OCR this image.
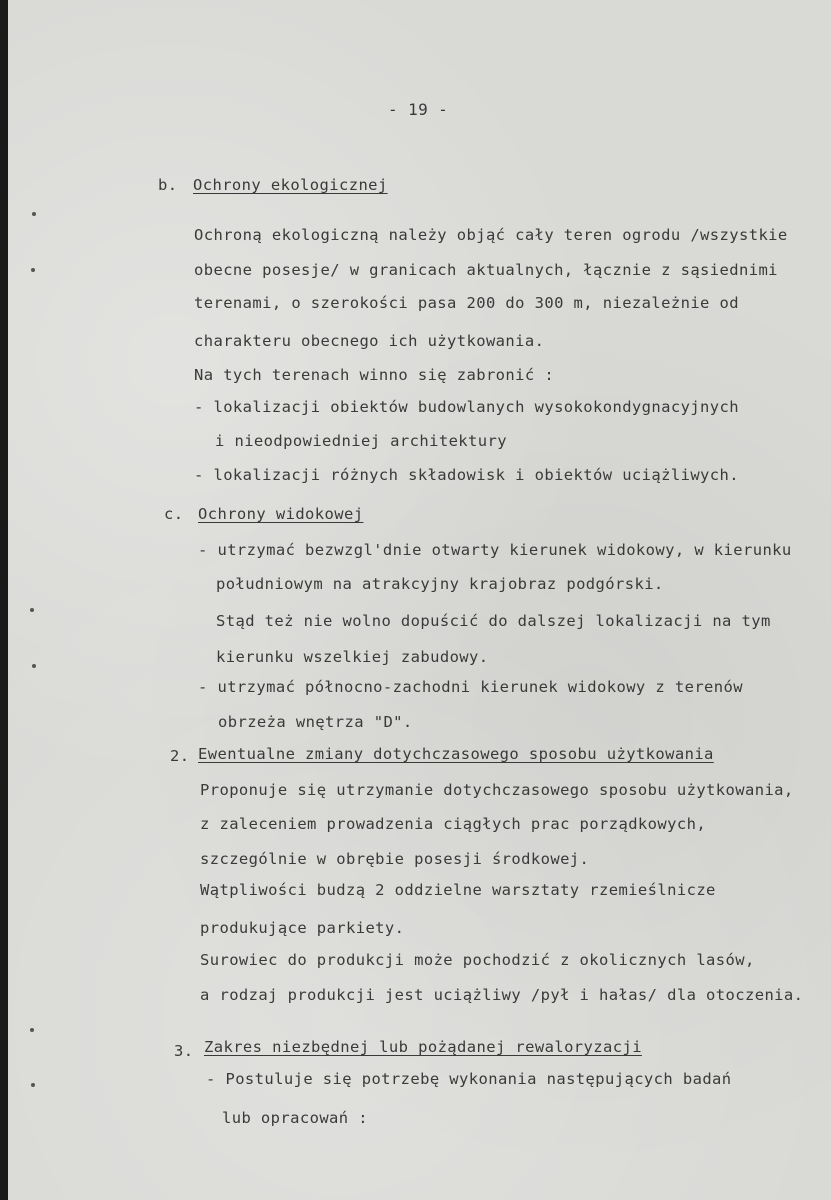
- 19 -
b. Ochrony ekologicznej
Ochroną ekologiczną należy objąć cały teren ogrodu /wszystkie
obecne posesje/ w granicach aktualnych, łącznie z sąsiednimi
terenami, o szerokości pasa 200 do 300 m, niezależnie od
charakteru obecnego ich użytkowania.
Na tych terenach winno się zabronić :
- lokalizacji obiektów budowlanych wysokokondygnacyjnych
i nieodpowiedniej architektury
- lokalizacji różnych składowisk i obiektów uciążliwych.
c. Ochrony widokowej
- utrzymać bezwzgl'dnie otwarty kierunek widokowy, w kierunku
południowym na atrakcyjny krajobraz podgórski.
Stąd też nie wolno dopuścić do dalszej lokalizacji na tym
kierunku wszelkiej zabudowy.
- utrzymać północno-zachodni kierunek widokowy z terenów
obrzeża wnętrza "D".
2. Ewentualne zmiany dotychczasowego sposobu użytkowania
Proponuje się utrzymanie dotychczasowego sposobu użytkowania,
z zaleceniem prowadzenia ciągłych prac porządkowych,
szczególnie w obrębie posesji środkowej.
Wątpliwości budzą 2 oddzielne warsztaty rzemieślnicze
produkujące parkiety.
Surowiec do produkcji może pochodzić z okolicznych lasów,
a rodzaj produkcji jest uciążliwy /pył i hałas/ dla otoczenia.
3. Zakres niezbędnej lub pożądanej rewaloryzacji
- Postuluje się potrzebę wykonania następujących badań
lub opracowań :
